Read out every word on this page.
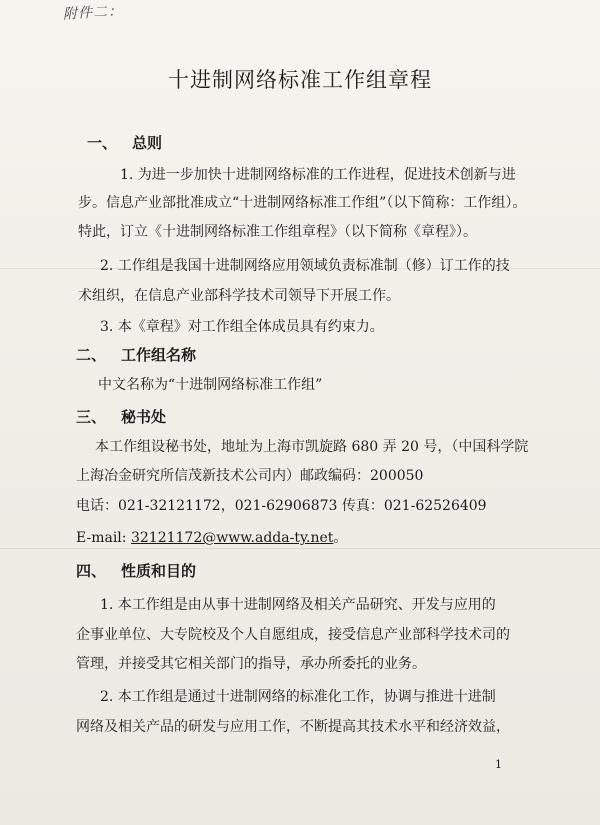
附件二：
十进制网络标准工作组章程
一、 总则
1. 为进一步加快十进制网络标准的工作进程，促进技术创新与进
步。信息产业部批准成立“十进制网络标准工作组”（以下简称：工作组）。
特此，订立《十进制网络标准工作组章程》（以下简称《章程》）。
2. 工作组是我国十进制网络应用领域负责标准制（修）订工作的技
术组织，在信息产业部科学技术司领导下开展工作。
3. 本《章程》对工作组全体成员具有约束力。
二、 工作组名称
中文名称为“十进制网络标准工作组”
三、 秘书处
本工作组设秘书处，地址为上海市凯旋路 680 弄 20 号，（中国科学院
上海冶金研究所信茂新技术公司内）邮政编码：200050
电话：021-32121172，021-62906873 传真：021-62526409
E-mail: 32121172@www.adda-ty.net。
四、 性质和目的
1. 本工作组是由从事十进制网络及相关产品研究、开发与应用的
企事业单位、大专院校及个人自愿组成，接受信息产业部科学技术司的
管理，并接受其它相关部门的指导，承办所委托的业务。
2. 本工作组是通过十进制网络的标准化工作，协调与推进十进制
网络及相关产品的研发与应用工作，不断提高其技术水平和经济效益，
1
